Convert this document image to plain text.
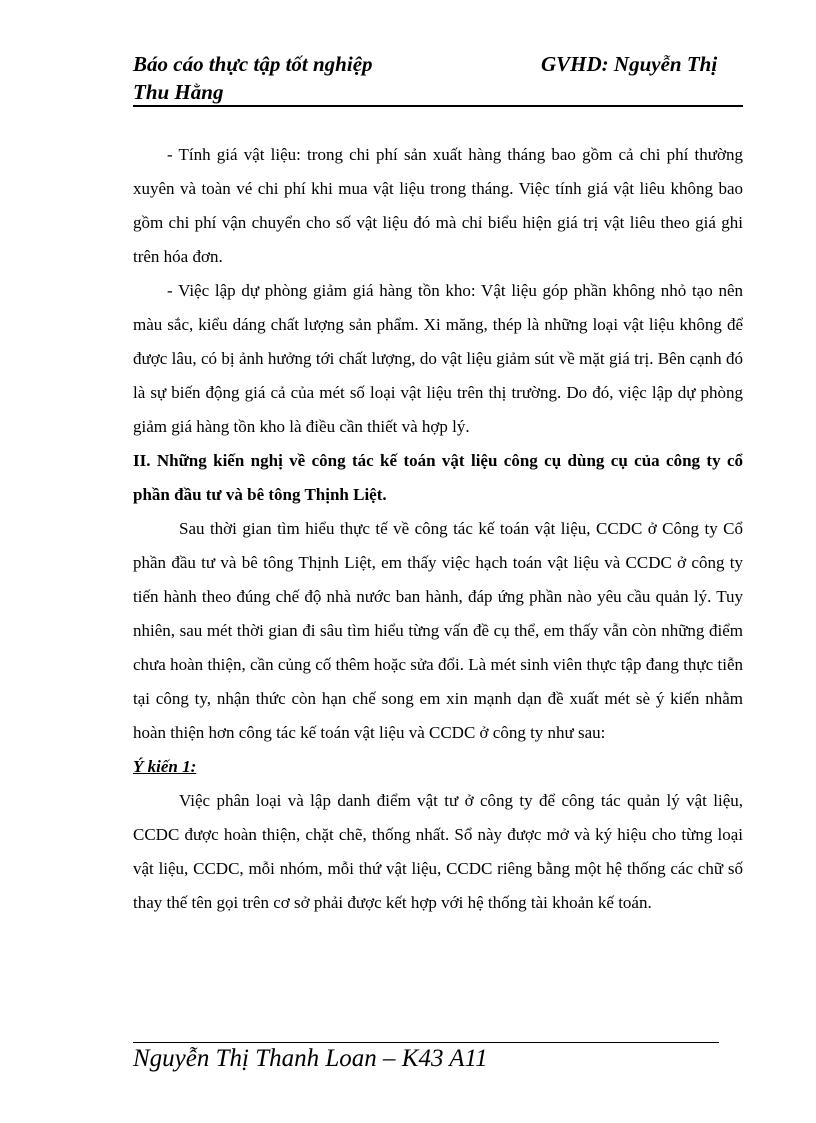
Báo cáo thực tập tốt nghiệp	GVHD: Nguyễn Thị
Thu Hằng

- Tính giá vật liệu: trong chi phí sản xuất hàng tháng bao gồm cả chi phí thường xuyên và toàn vé chi phí khi mua vật liệu trong tháng. Việc tính giá vật liêu không bao gồm chi phí vận chuyển cho số vật liệu đó mà chỉ biểu hiện giá trị vật liêu theo giá ghi trên hóa đơn.

- Việc lập dự phòng giảm giá hàng tồn kho: Vật liệu góp phần không nhỏ tạo nên màu sắc, kiểu dáng chất lượng sản phẩm. Xi măng, thép là những loại vật liệu không để được lâu, có bị ảnh hưởng tới chất lượng, do vật liệu giảm sút về mặt giá trị. Bên cạnh đó là sự biến động giá cả của mét số loại vật liệu trên thị trường. Do đó, việc lập dự phòng giảm giá hàng tồn kho là điều cần thiết và hợp lý.

II. Những kiến nghị về công tác kế toán vật liệu công cụ dùng cụ của công ty cổ phần đầu tư và bê tông Thịnh Liệt.

Sau thời gian tìm hiểu thực tế về công tác kế toán vật liệu, CCDC ở Công ty Cổ phần đầu tư và bê tông Thịnh Liệt, em thấy việc hạch toán vật liệu và CCDC ở công ty tiến hành theo đúng chế độ nhà nước ban hành, đáp ứng phần nào yêu cầu quản lý. Tuy nhiên, sau mét thời gian đi sâu tìm hiểu từng vấn đề cụ thể, em thấy vẫn còn những điểm chưa hoàn thiện, cần củng cố thêm hoặc sửa đổi. Là mét sinh viên thực tập đang thực tiễn tại công ty, nhận thức còn hạn chế song em xin mạnh dạn đề xuất mét sè ý kiến nhằm hoàn thiện hơn công tác kế toán vật liệu và CCDC ở công ty như sau:

Ý kiến 1:

Việc phân loại và lập danh điểm vật tư ở công ty để công tác quản lý vật liệu, CCDC được hoàn thiện, chặt chẽ, thống nhất. Sổ này được mở và ký hiệu cho từng loại vật liệu, CCDC, mỗi nhóm, mỗi thứ vật liệu, CCDC riêng bằng một hệ thống các chữ số thay thế tên gọi trên cơ sở phải được kết hợp với hệ thống tài khoản kế toán.

Nguyễn Thị Thanh Loan – K43 A11
